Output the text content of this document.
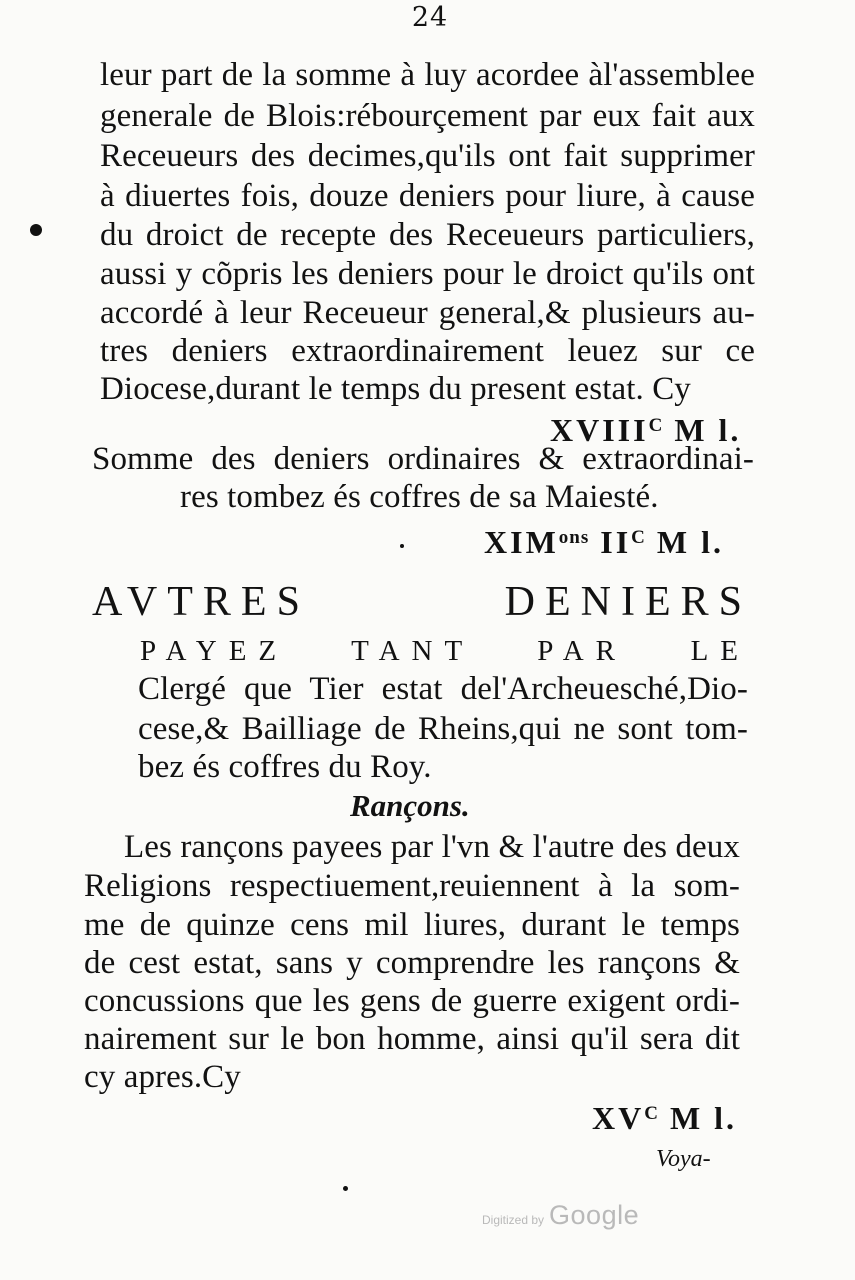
24
leur part de la somme à luy acordee àl'assemblee
generale de Blois:rébourçement par eux fait aux
Receueurs des decimes,qu'ils ont fait supprimer
à diuertes fois, douze deniers pour liure, à cause
du droict de recepte des Receueurs particuliers,
aussi y cõpris les deniers pour le droict qu'ils ont
accordé à leur Receueur general,& plusieurs au-
tres deniers extraordinairement leuez sur ce
Diocese,durant le temps du present estat. Cy
$XVIII^C$ M l.
Somme des deniers ordinaires & extraordinai-
res tombez és coffres de sa Maiesté.
$XIM^{ons}$ $II^C$ M l.
AVTRES DENIERS
PAYEZ TANT PAR LE
Clergé que Tier estat del'Archeuesché,Dio-
cese,& Bailliage de Rheins,qui ne sont tom-
bez és coffres du Roy.
Rançons.
Les rançons payees par l'vn & l'autre des deux
Religions respectiuement,reuiennent à la som-
me de quinze cens mil liures, durant le temps
de cest estat, sans y comprendre les rançons &
concussions que les gens de guerre exigent ordi-
nairement sur le bon homme, ainsi qu'il sera dit
cy apres.Cy
$XV^C$ M l.
Voya-
Digitized by Google
